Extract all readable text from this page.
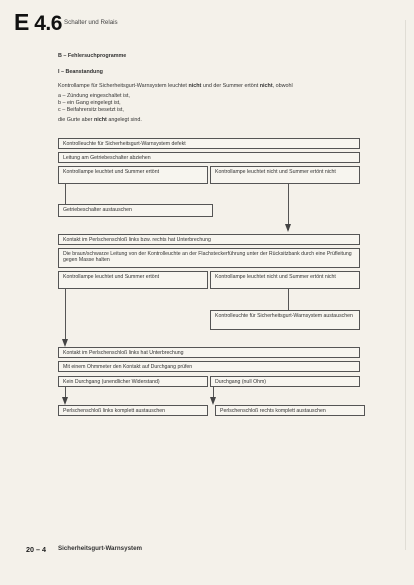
E 4.6 Schalter und Relais
B – Fehlersuchprogramme
I – Beanstandung
Kontrollampe für Sicherheitsgurt-Warnsystem leuchtet nicht und der Summer ertönt nicht, obwohl
a – Zündung eingeschaltet ist,
b – ein Gang eingelegt ist,
c – Beifahrersitz besetzt ist,
die Gurte aber nicht angelegt sind.
Kontrolleuchte für Sicherheitsgurt-Warnsystem defekt
Leitung am Getriebeschalter abziehen
Kontrollampe leuchtet und Summer ertönt	Kontrollampe leuchtet nicht und Summer ertönt nicht
Getriebeschalter austauschen
Kontakt im Perlschenschloß links bzw. rechts hat Unterbrechung
Die braun/schwarze Leitung von der Kontrolleuchte an der Flachsteckerführung unter der Rücksitzbank durch eine Prüfleitung gegen Masse halten
Kontrollampe leuchtet und Summer ertönt	Kontrollampe leuchtet nicht und Summer ertönt nicht
Kontrolleuchte für Sicherheitsgurt-Warnsystem austauschen
Kontakt im Perlschenschloß links hat Unterbrechung
Mit einem Ohmmeter den Kontakt auf Durchgang prüfen
Kein Durchgang (unendlicher Widerstand)	Durchgang (null Ohm)
Perlschenschloß links komplett austauschen	Perlschenschloß rechts komplett austauschen
20 – 4 Sicherheitsgurt-Warnsystem
